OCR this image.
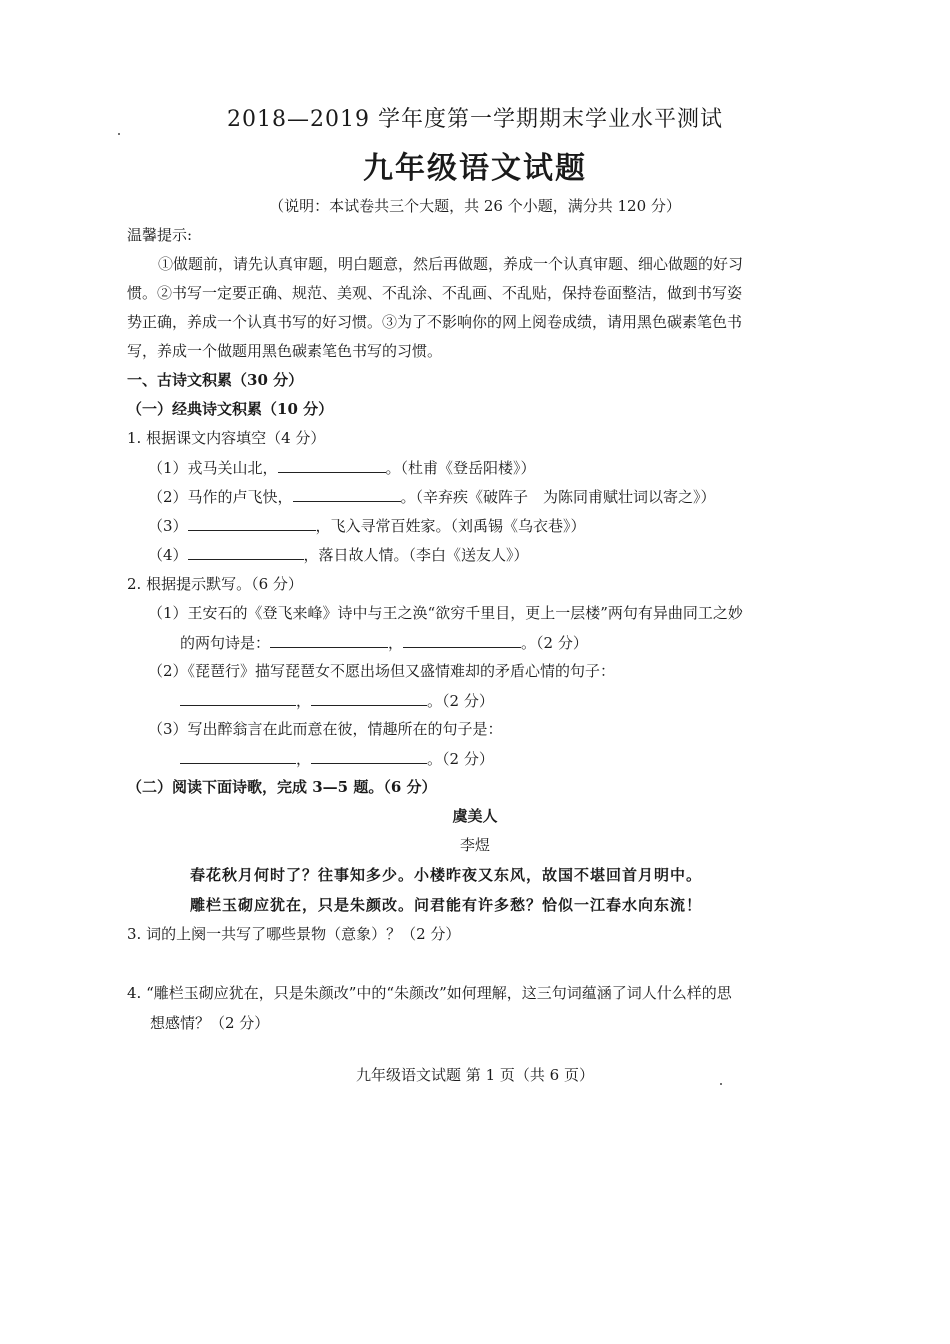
2018—2019 学年度第一学期期末学业水平测试
九年级语文试题
（说明：本试卷共三个大题，共 26 个小题，满分共 120 分）
温馨提示:
①做题前，请先认真审题，明白题意，然后再做题，养成一个认真审题、细心做题的好习
惯。②书写一定要正确、规范、美观、不乱涂、不乱画、不乱贴，保持卷面整洁，做到书写姿
势正确，养成一个认真书写的好习惯。③为了不影响你的网上阅卷成绩，请用黑色碳素笔色书
写，养成一个做题用黑色碳素笔色书写的习惯。
一、古诗文积累（30 分）
（一）经典诗文积累（10 分）
1. 根据课文内容填空（4 分）
（1）戎马关山北，	。（杜甫《登岳阳楼》）
（2）马作的卢飞快，	。（辛弃疾《破阵子　为陈同甫赋壮词以寄之》）
（3）	，飞入寻常百姓家。（刘禹锡《乌衣巷》）
（4）	，落日故人情。（李白《送友人》）
2. 根据提示默写。（6 分）
（1）王安石的《登飞来峰》诗中与王之涣“欲穷千里目，更上一层楼”两句有异曲同工之妙
的两句诗是：	，	。（2 分）
（2）《琵琶行》描写琵琶女不愿出场但又盛情难却的矛盾心情的句子：
，	。（2 分）
（3）写出醉翁言在此而意在彼，情趣所在的句子是：
，	。（2 分）
（二）阅读下面诗歌，完成 3—5 题。（6 分）
虞美人
李煜
春花秋月何时了？往事知多少。小楼昨夜又东风，故国不堪回首月明中。
雕栏玉砌应犹在，只是朱颜改。问君能有许多愁？恰似一江春水向东流！
3. 词的上阕一共写了哪些景物（意象）？（2 分）
4. “雕栏玉砌应犹在，只是朱颜改”中的“朱颜改”如何理解，这三句词蕴涵了词人什么样的思
想感情？（2 分）
九年级语文试题 第 1 页（共 6 页）
